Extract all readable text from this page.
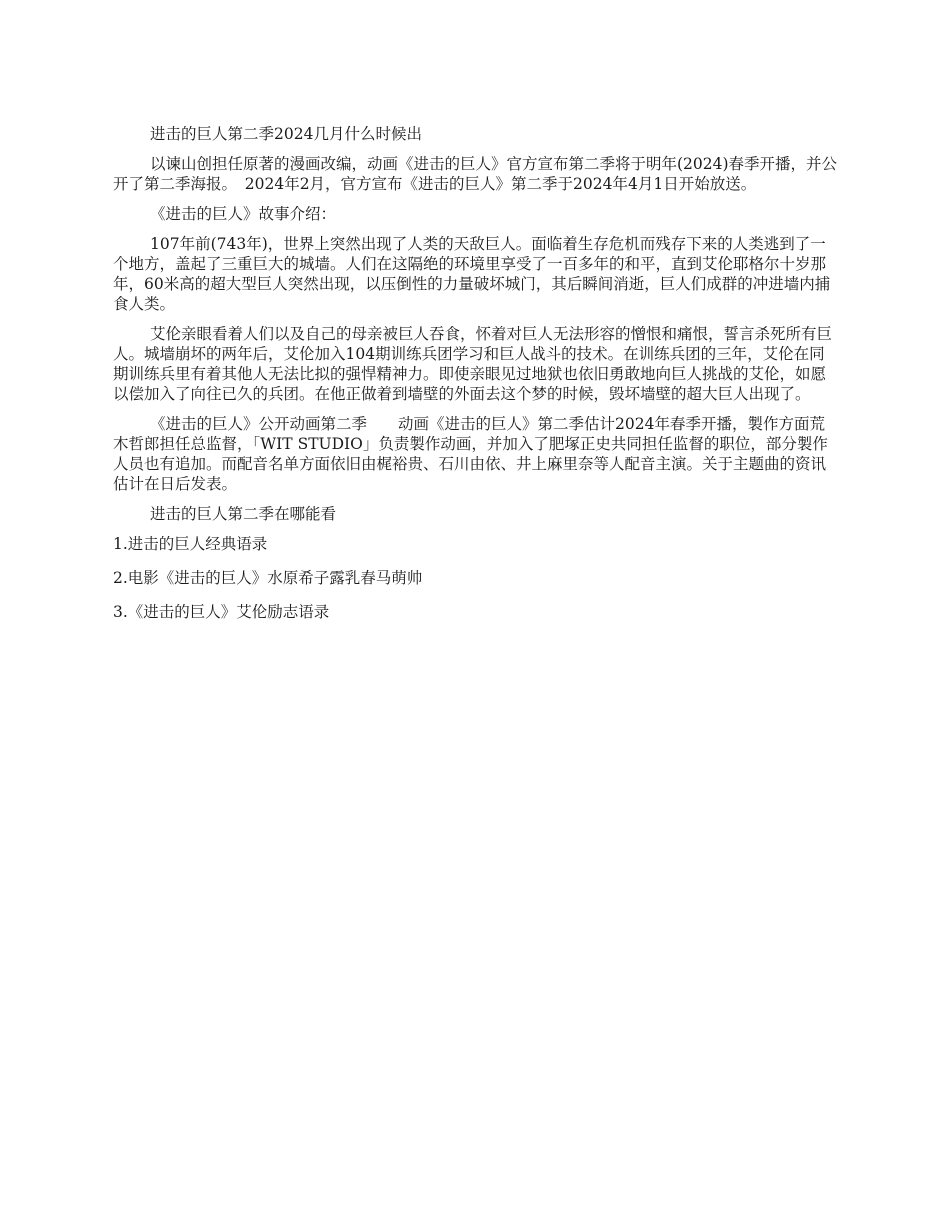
进击的巨人第二季2024几月什么时候出

以谏山创担任原著的漫画改编，动画《进击的巨人》官方宣布第二季将于明年(2024)春季开播，并公开了第二季海报。　2024年2月，官方宣布《进击的巨人》第二季于2024年4月1日开始放送。

《进击的巨人》故事介绍：

107年前(743年)，世界上突然出现了人类的天敌巨人。面临着生存危机而残存下来的人类逃到了一个地方，盖起了三重巨大的城墙。人们在这隔绝的环境里享受了一百多年的和平，直到艾伦耶格尔十岁那年，60米高的超大型巨人突然出现，以压倒性的力量破坏城门，其后瞬间消逝，巨人们成群的冲进墙内捕食人类。

艾伦亲眼看着人们以及自己的母亲被巨人吞食，怀着对巨人无法形容的憎恨和痛恨，誓言杀死所有巨人。城墙崩坏的两年后，艾伦加入104期训练兵团学习和巨人战斗的技术。在训练兵团的三年，艾伦在同期训练兵里有着其他人无法比拟的强悍精神力。即使亲眼见过地狱也依旧勇敢地向巨人挑战的艾伦，如愿以偿加入了向往已久的兵团。在他正做着到墙壁的外面去这个梦的时候，毁坏墙壁的超大巨人出现了。

《进击的巨人》公开动画第二季　　动画《进击的巨人》第二季估计2024年春季开播，製作方面荒木哲郎担任总监督，「WIT STUDIO」负责製作动画，并加入了肥塚正史共同担任监督的职位，部分製作人员也有追加。而配音名单方面依旧由梶裕贵、石川由依、井上麻里奈等人配音主演。关于主题曲的资讯估计在日后发表。

进击的巨人第二季在哪能看

1.进击的巨人经典语录

2.电影《进击的巨人》水原希子露乳春马萌帅

3.《进击的巨人》艾伦励志语录
